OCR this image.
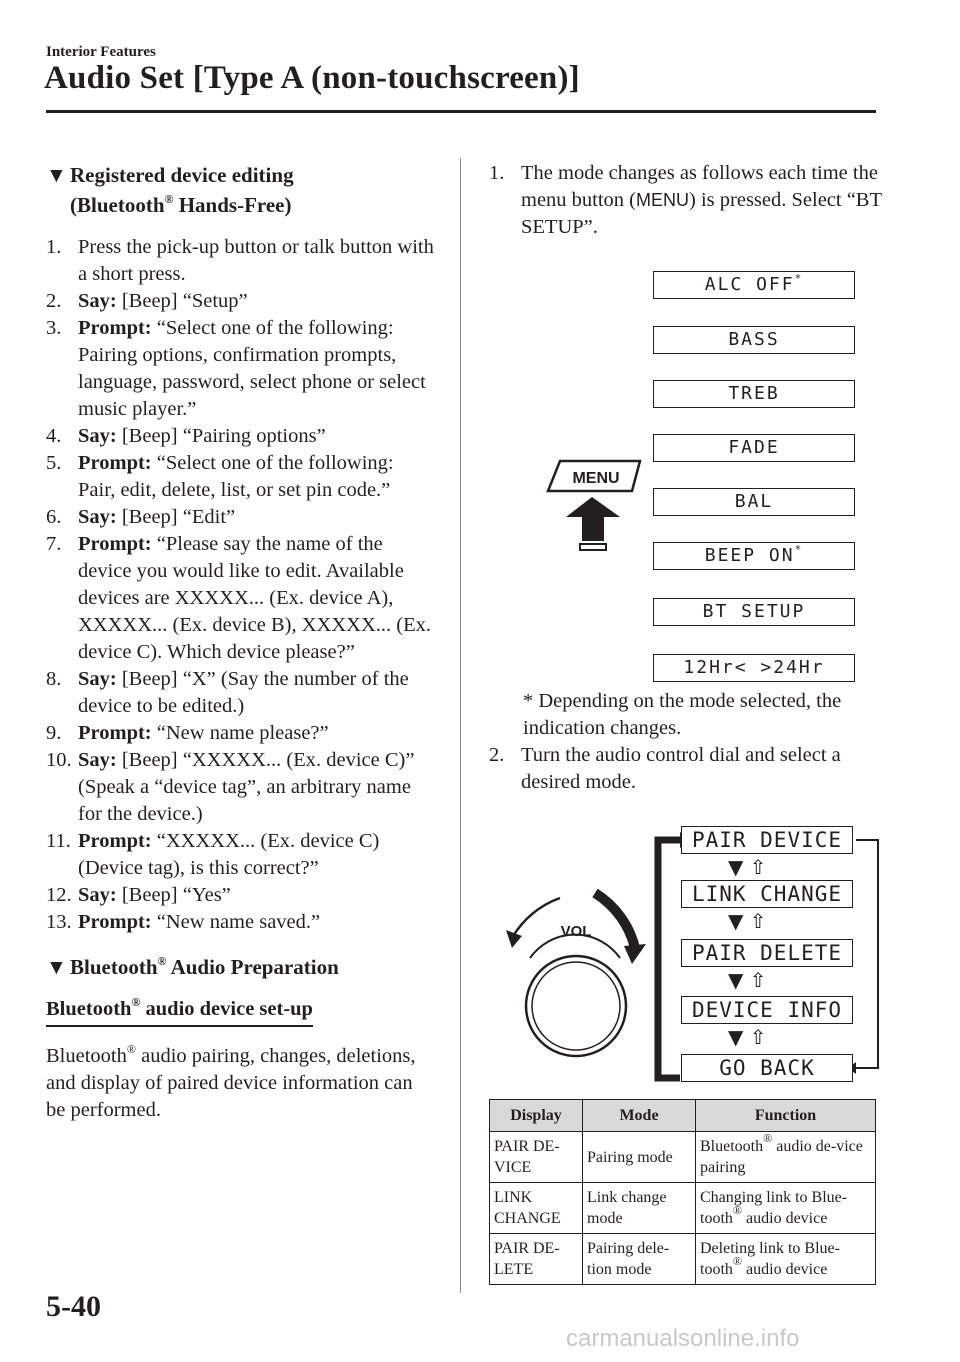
Interior Features
Audio Set [Type A (non-touchscreen)]
▼ Registered device editing
(Bluetooth® Hands-Free)

1. Press the pick-up button or talk button with a short press.

2. Say: [Beep] “Setup”

3. Prompt: “Select one of the following: Pairing options, confirmation prompts, language, password, select phone or select music player.”

4. Say: [Beep] “Pairing options”

5. Prompt: “Select one of the following: Pair, edit, delete, list, or set pin code.”

6. Say: [Beep] “Edit”

7. Prompt: “Please say the name of the device you would like to edit. Available devices are XXXXX... (Ex. device A), XXXXX... (Ex. device B), XXXXX... (Ex. device C). Which device please?”

8. Say: [Beep] “X” (Say the number of the device to be edited.)

9. Prompt: “New name please?”

10. Say: [Beep] “XXXXX... (Ex. device C)” (Speak a “device tag”, an arbitrary name for the device.)

11. Prompt: “XXXXX... (Ex. device C) (Device tag), is this correct?”

12. Say: [Beep] “Yes”

13. Prompt: “New name saved.”

▼ Bluetooth® Audio Preparation
Bluetooth® audio device set-up

Bluetooth® audio pairing, changes, deletions, and display of paired device information can be performed.

1. The mode changes as follows each time the menu button (MENU) is pressed. Select “BT SETUP”.

MENU
ALC OFF*
BASS
TREB
FADE
BAL
BEEP ON*
BT SETUP
12Hr< >24Hr
* Depending on the mode selected, the indication changes.

2. Turn the audio control dial and select a desired mode.

VOL
PAIR DEVICE
▼ ⇧
LINK CHANGE
▼ ⇧
PAIR DELETE
▼ ⇧
DEVICE INFO
▼ ⇧
GO BACK
Display	Mode	Function
PAIR DE-VICE	Pairing mode	Bluetooth® audio de-vice pairing
LINK CHANGE	Link change mode	Changing link to Blue-tooth® audio device
PAIR DE-LETE	Pairing dele-tion mode	Deleting link to Blue-tooth® audio device
5-40
carmanualsonline.info
